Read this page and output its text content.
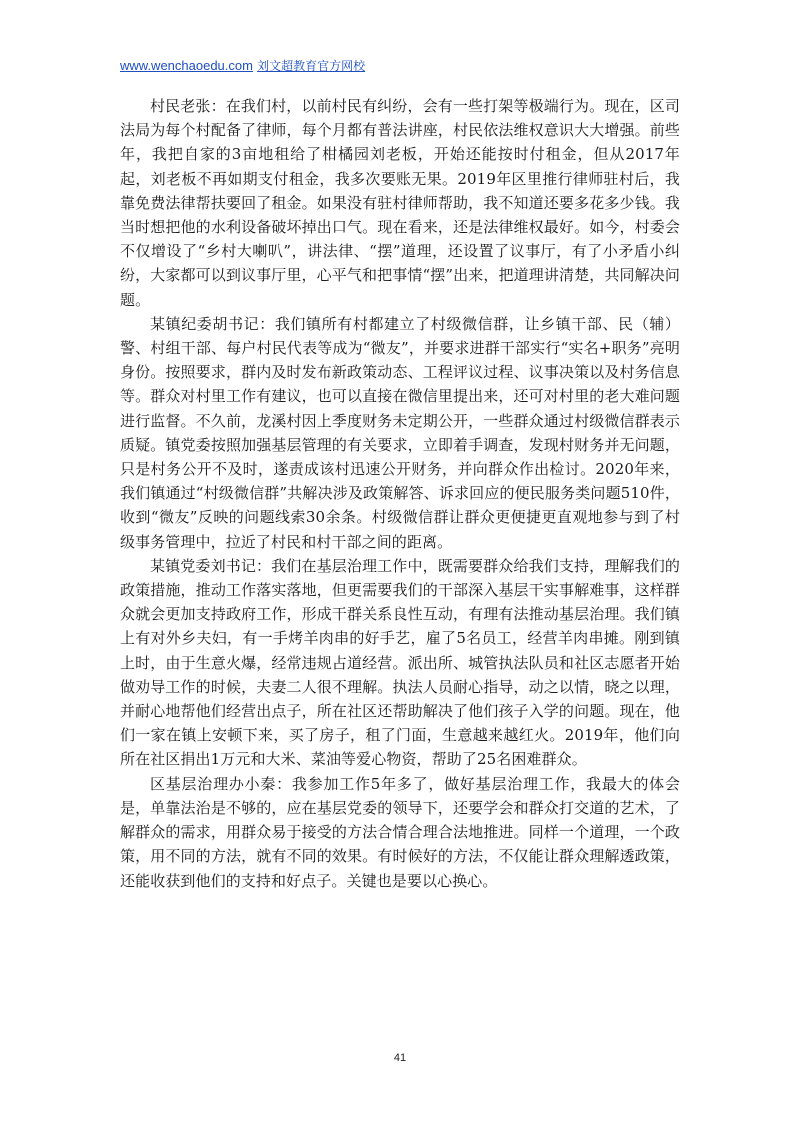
www.wenchaoedu.com 刘文超教育官方网校

村民老张：在我们村，以前村民有纠纷，会有一些打架等极端行为。现在，区司法局为每个村配备了律师，每个月都有普法讲座，村民依法维权意识大大增强。前些年，我把自家的3亩地租给了柑橘园刘老板，开始还能按时付租金，但从2017年起，刘老板不再如期支付租金，我多次要账无果。2019年区里推行律师驻村后，我靠免费法律帮扶要回了租金。如果没有驻村律师帮助，我不知道还要多花多少钱。我当时想把他的水利设备破坏掉出口气。现在看来，还是法律维权最好。如今，村委会不仅增设了“乡村大喇叭”，讲法律、“摆”道理，还设置了议事厅，有了小矛盾小纠纷，大家都可以到议事厅里，心平气和把事情“摆”出来，把道理讲清楚，共同解决问题。

某镇纪委胡书记：我们镇所有村都建立了村级微信群，让乡镇干部、民（辅）警、村组干部、每户村民代表等成为“微友”，并要求进群干部实行“实名+职务”亮明身份。按照要求，群内及时发布新政策动态、工程评议过程、议事决策以及村务信息等。群众对村里工作有建议，也可以直接在微信里提出来，还可对村里的老大难问题进行监督。不久前，龙溪村因上季度财务未定期公开，一些群众通过村级微信群表示质疑。镇党委按照加强基层管理的有关要求，立即着手调查，发现村财务并无问题，只是村务公开不及时，遂责成该村迅速公开财务，并向群众作出检讨。2020年来，我们镇通过“村级微信群”共解决涉及政策解答、诉求回应的便民服务类问题510件，收到“微友”反映的问题线索30余条。村级微信群让群众更便捷更直观地参与到了村级事务管理中，拉近了村民和村干部之间的距离。

某镇党委刘书记：我们在基层治理工作中，既需要群众给我们支持，理解我们的政策措施，推动工作落实落地，但更需要我们的干部深入基层干实事解难事，这样群众就会更加支持政府工作，形成干群关系良性互动，有理有法推动基层治理。我们镇上有对外乡夫妇，有一手烤羊肉串的好手艺，雇了5名员工，经营羊肉串摊。刚到镇上时，由于生意火爆，经常违规占道经营。派出所、城管执法队员和社区志愿者开始做劝导工作的时候，夫妻二人很不理解。执法人员耐心指导，动之以情，晓之以理，并耐心地帮他们经营出点子，所在社区还帮助解决了他们孩子入学的问题。现在，他们一家在镇上安顿下来，买了房子，租了门面，生意越来越红火。2019年，他们向所在社区捐出1万元和大米、菜油等爱心物资，帮助了25名困难群众。

区基层治理办小秦：我参加工作5年多了，做好基层治理工作，我最大的体会是，单靠法治是不够的，应在基层党委的领导下，还要学会和群众打交道的艺术，了解群众的需求，用群众易于接受的方法合情合理合法地推进。同样一个道理，一个政策，用不同的方法，就有不同的效果。有时候好的方法，不仅能让群众理解透政策，还能收获到他们的支持和好点子。关键也是要以心换心。

41
